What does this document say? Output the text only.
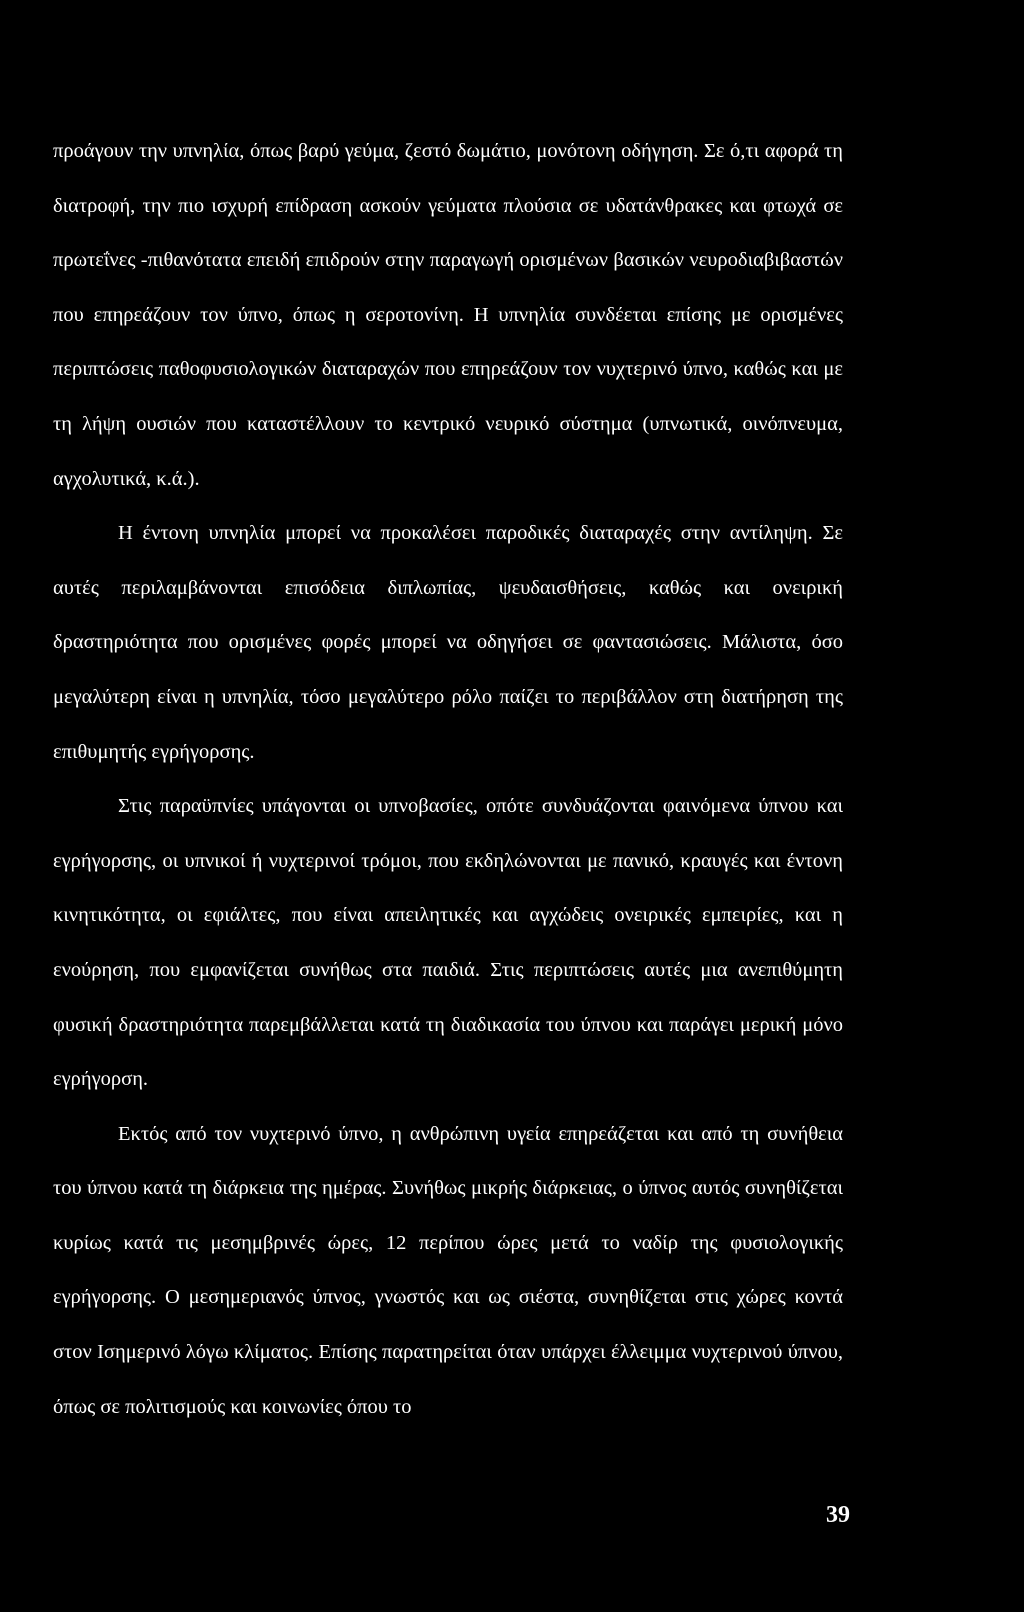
προάγουν την υπνηλία, όπως βαρύ γεύμα, ζεστό δωμάτιο, μονότονη οδήγηση. Σε ό,τι αφορά τη διατροφή, την πιο ισχυρή επίδραση ασκούν γεύματα πλούσια σε υδατάνθρακες και φτωχά σε πρωτεΐνες -πιθανότατα επειδή επιδρούν στην παραγωγή ορισμένων βασικών νευροδιαβιβαστών που επηρεάζουν τον ύπνο, όπως η σεροτονίνη. Η υπνηλία συνδέεται επίσης με ορισμένες περιπτώσεις παθοφυσιολογικών διαταραχών που επηρεάζουν τον νυχτερινό ύπνο, καθώς και με τη λήψη ουσιών που καταστέλλουν το κεντρικό νευρικό σύστημα (υπνωτικά, οινόπνευμα, αγχολυτικά, κ.ά.).

Η έντονη υπνηλία μπορεί να προκαλέσει παροδικές διαταραχές στην αντίληψη. Σε αυτές περιλαμβάνονται επισόδεια διπλωπίας, ψευδαισθήσεις, καθώς και ονειρική δραστηριότητα που ορισμένες φορές μπορεί να οδηγήσει σε φαντασιώσεις. Μάλιστα, όσο μεγαλύτερη είναι η υπνηλία, τόσο μεγαλύτερο ρόλο παίζει το περιβάλλον στη διατήρηση της επιθυμητής εγρήγορσης.

Στις παραϋπνίες υπάγονται οι υπνοβασίες, οπότε συνδυάζονται φαινόμενα ύπνου και εγρήγορσης, οι υπνικοί ή νυχτερινοί τρόμοι, που εκδηλώνονται με πανικό, κραυγές και έντονη κινητικότητα, οι εφιάλτες, που είναι απειλητικές και αγχώδεις ονειρικές εμπειρίες, και η ενούρηση, που εμφανίζεται συνήθως στα παιδιά. Στις περιπτώσεις αυτές μια ανεπιθύμητη φυσική δραστηριότητα παρεμβάλλεται κατά τη διαδικασία του ύπνου και παράγει μερική μόνο εγρήγορση.

Εκτός από τον νυχτερινό ύπνο, η ανθρώπινη υγεία επηρεάζεται και από τη συνήθεια του ύπνου κατά τη διάρκεια της ημέρας. Συνήθως μικρής διάρκειας, ο ύπνος αυτός συνηθίζεται κυρίως κατά τις μεσημβρινές ώρες, 12 περίπου ώρες μετά το ναδίρ της φυσιολογικής εγρήγορσης. Ο μεσημεριανός ύπνος, γνωστός και ως σιέστα, συνηθίζεται στις χώρες κοντά στον Ισημερινό λόγω κλίματος. Επίσης παρατηρείται όταν υπάρχει έλλειμμα νυχτερινού ύπνου, όπως σε πολιτισμούς και κοινωνίες όπου το

39
